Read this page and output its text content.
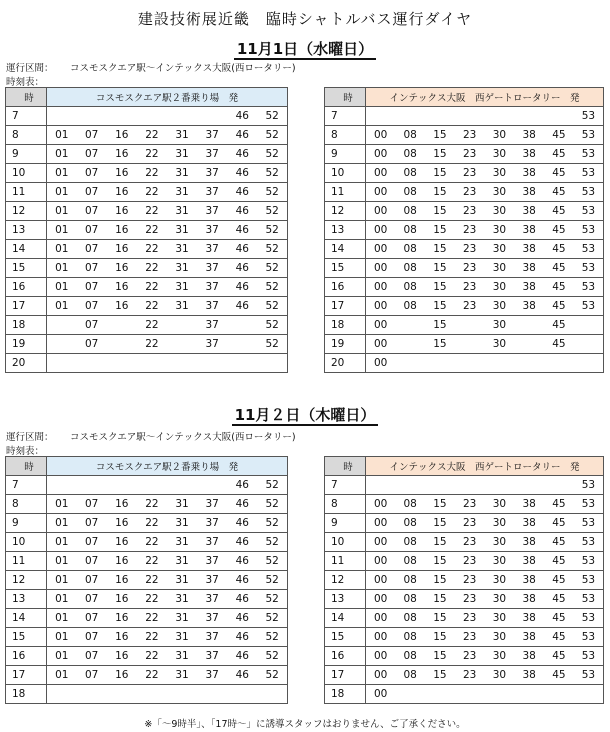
建設技術展近畿　臨時シャトルバス運行ダイヤ
11月1日（水曜日）
運行区間： コスモスクエア駅～インテックス大阪(西ロータリー)
時刻表：
時	コスモスクエア駅２番乗り場　発							
7							46	52
8	01	07	16	22	31	37	46	52
9	01	07	16	22	31	37	46	52
10	01	07	16	22	31	37	46	52
11	01	07	16	22	31	37	46	52
12	01	07	16	22	31	37	46	52
13	01	07	16	22	31	37	46	52
14	01	07	16	22	31	37	46	52
15	01	07	16	22	31	37	46	52
16	01	07	16	22	31	37	46	52
17	01	07	16	22	31	37	46	52
18		07		22		37		52
19		07		22		37		52
20								
時	インテックス大阪　西ゲートロータリー　発							
7								53
8	00	08	15	23	30	38	45	53
9	00	08	15	23	30	38	45	53
10	00	08	15	23	30	38	45	53
11	00	08	15	23	30	38	45	53
12	00	08	15	23	30	38	45	53
13	00	08	15	23	30	38	45	53
14	00	08	15	23	30	38	45	53
15	00	08	15	23	30	38	45	53
16	00	08	15	23	30	38	45	53
17	00	08	15	23	30	38	45	53
18	00		15		30		45	
19	00		15		30		45	
20	00							
11月２日（木曜日）
運行区間： コスモスクエア駅～インテックス大阪(西ロータリー)
時刻表：
時	コスモスクエア駅２番乗り場　発							
7							46	52
8	01	07	16	22	31	37	46	52
9	01	07	16	22	31	37	46	52
10	01	07	16	22	31	37	46	52
11	01	07	16	22	31	37	46	52
12	01	07	16	22	31	37	46	52
13	01	07	16	22	31	37	46	52
14	01	07	16	22	31	37	46	52
15	01	07	16	22	31	37	46	52
16	01	07	16	22	31	37	46	52
17	01	07	16	22	31	37	46	52
18								
時	インテックス大阪　西ゲートロータリー　発							
7								53
8	00	08	15	23	30	38	45	53
9	00	08	15	23	30	38	45	53
10	00	08	15	23	30	38	45	53
11	00	08	15	23	30	38	45	53
12	00	08	15	23	30	38	45	53
13	00	08	15	23	30	38	45	53
14	00	08	15	23	30	38	45	53
15	00	08	15	23	30	38	45	53
16	00	08	15	23	30	38	45	53
17	00	08	15	23	30	38	45	53
18	00							
※「～9時半」、「17時～」に誘導スタッフはおりません、ご了承ください。
